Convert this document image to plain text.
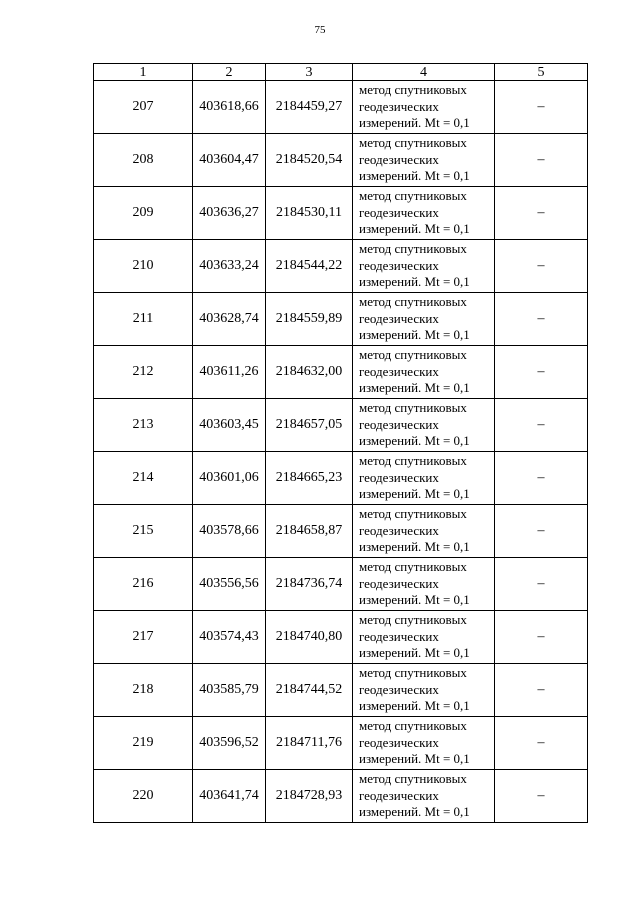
75
1	2	3	4	5
207	403618,66	2184459,27	метод спутниковых геодезических измерений. Mt = 0,1	–
208	403604,47	2184520,54	метод спутниковых геодезических измерений. Mt = 0,1	–
209	403636,27	2184530,11	метод спутниковых геодезических измерений. Mt = 0,1	–
210	403633,24	2184544,22	метод спутниковых геодезических измерений. Mt = 0,1	–
211	403628,74	2184559,89	метод спутниковых геодезических измерений. Mt = 0,1	–
212	403611,26	2184632,00	метод спутниковых геодезических измерений. Mt = 0,1	–
213	403603,45	2184657,05	метод спутниковых геодезических измерений. Mt = 0,1	–
214	403601,06	2184665,23	метод спутниковых геодезических измерений. Mt = 0,1	–
215	403578,66	2184658,87	метод спутниковых геодезических измерений. Mt = 0,1	–
216	403556,56	2184736,74	метод спутниковых геодезических измерений. Mt = 0,1	–
217	403574,43	2184740,80	метод спутниковых геодезических измерений. Mt = 0,1	–
218	403585,79	2184744,52	метод спутниковых геодезических измерений. Mt = 0,1	–
219	403596,52	2184711,76	метод спутниковых геодезических измерений. Mt = 0,1	–
220	403641,74	2184728,93	метод спутниковых геодезических измерений. Mt = 0,1	–
